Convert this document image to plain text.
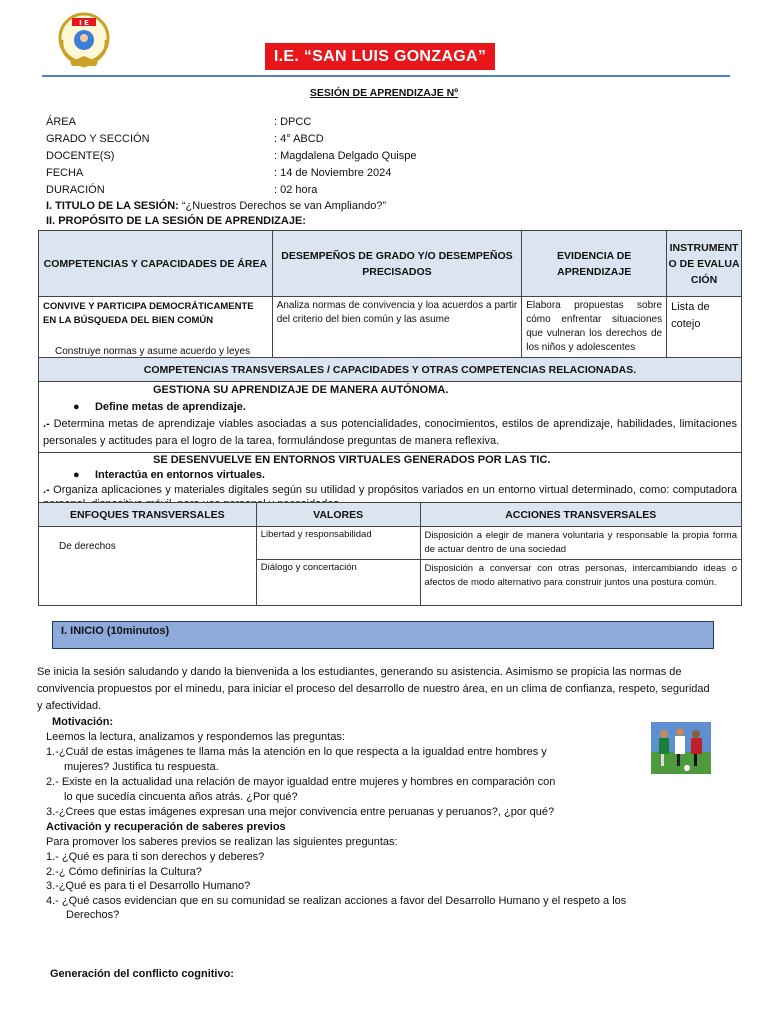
I E
I.E. “SAN LUIS GONZAGA”
SESIÓN DE APRENDIZAJE Nº
ÁREA	: DPCC
GRADO Y SECCIÓN	: 4° ABCD
DOCENTE(S)	: Magdalena Delgado Quispe
FECHA	: 14 de Noviembre 2024
DURACIÓN	: 02 hora
I. TITULO DE LA SESIÓN: “¿Nuestros Derechos se van Ampliando?”
II. PROPÓSITO DE LA SESIÓN DE APRENDIZAJE:
COMPETENCIAS Y CAPACIDADES DE ÁREA	DESEMPEÑOS DE GRADO Y/O DESEMPEÑOS PRECISADOS	EVIDENCIA DE APRENDIZAJE	INSTRUMENTO DE EVALUACIÓN

CONVIVE Y PARTICIPA DEMOCRÁTICAMENTE EN LA BÚSQUEDA DEL BIEN COMÚN
Construye normas y asume acuerdo y leyes	Analiza normas de convivencia y loa acuerdos a partir del criterio del bien común y las asume	Elabora propuestas sobre cómo enfrentar situaciones que vulneran los derechos de los niños y adolescentes	Lista de cotejo
COMPETENCIAS TRANSVERSALES / CAPACIDADES Y OTRAS COMPETENCIAS RELACIONADAS.			

GESTIONA SU APRENDIZAJE DE MANERA AUTÓNOMA.
●     Define metas de aprendizaje.
.- Determina metas de aprendizaje viables asociadas a sus potencialidades, conocimientos, estilos de aprendizaje, habilidades, limitaciones personales y actitudes para el logro de la tarea, formulándose preguntas de manera reflexiva.			

SE DESENVUELVE EN ENTORNOS VIRTUALES GENERADOS POR LAS TIC.
●     Interactúa en entornos virtuales.
.- Organiza aplicaciones y materiales digitales según su utilidad y propósitos variados en un entorno virtual determinado, como: computadora			
ENFOQUES TRANSVERSALES	VALORES	ACCIONES TRANSVERSALES
De derechos	Libertad y responsabilidad	Disposición a elegir de manera voluntaria y responsable la propia forma de actuar dentro de una sociedad
	Diálogo y concertación	Disposición a conversar con otras personas, intercambiando ideas o afectos de modo alternativo para construir juntos una postura común.
I. INICIO (10minutos)
Se inicia la sesión saludando y dando la bienvenida a los estudiantes, generando su asistencia. Asimismo se propicia las normas de convivencia propuestos por el minedu, para iniciar el proceso del desarrollo de nuestro área, en un clima de confianza, respeto, seguridad y afectividad.
Motivación:
Leemos la lectura, analizamos y respondemos las preguntas:
1.-¿Cuál de estas imágenes te llama más la atención en lo que respecta a la igualdad entre hombres y
mujeres? Justifica tu respuesta.
2.- Existe en la actualidad una relación de mayor igualdad entre mujeres y hombres en comparación con
lo que sucedía cincuenta años atrás. ¿Por qué?
3.-¿Crees que estas imágenes expresan una mejor convivencia entre peruanas y peruanos?, ¿por qué?
Activación y recuperación de saberes previos
Para promover los saberes previos se realizan las siguientes preguntas:
1.- ¿Qué es para ti son derechos y deberes?
2.-¿ Cómo definirías la Cultura?
3.-¿Qué es para ti el Desarrollo Humano?
4.- ¿Qué casos evidencian que en su comunidad se realizan acciones a favor del Desarrollo Humano y el respeto a los
Derechos?
Generación del conflicto cognitivo:
